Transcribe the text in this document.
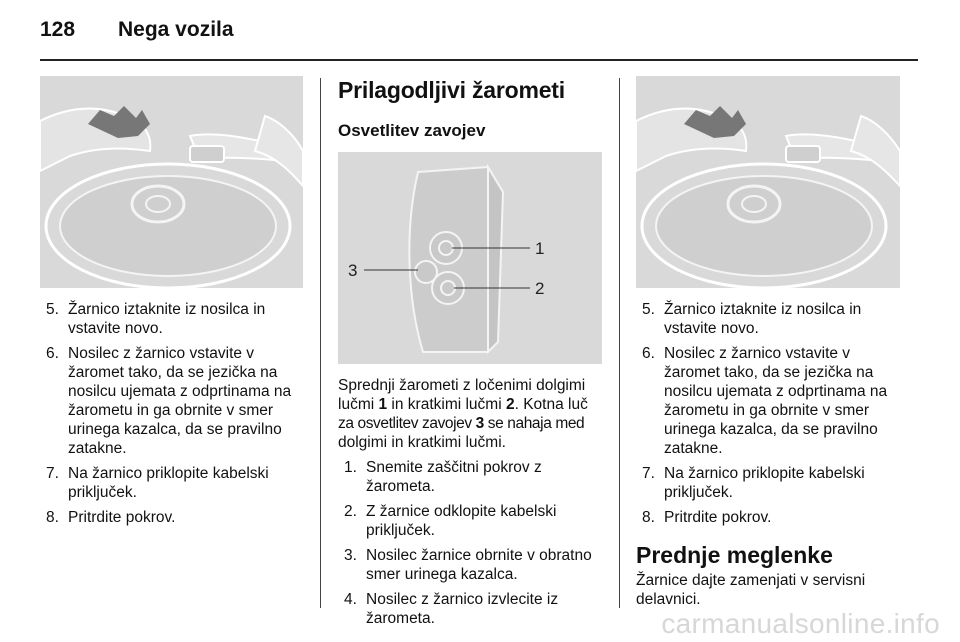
128	Nega vozila
5. Žarnico iztaknite iz nosilca in vstavite novo.
6. Nosilec z žarnico vstavite v žaromet tako, da se jezička na nosilcu ujemata z odprtinama na žarometu in ga obrnite v smer urinega kazalca, da se pravilno zatakne.
7. Na žarnico priklopite kabelski priključek.
8. Pritrdite pokrov.
Prilagodljivi žarometi
Osvetlitev zavojev
1
2
3
Sprednji žarometi z ločenimi dolgimi lučmi 1 in kratkimi lučmi 2. Kotna luč
za osvetlitev zavojev 3 se nahaja med
dolgimi in kratkimi lučmi.
1. Snemite zaščitni pokrov z žarometa.
2. Z žarnice odklopite kabelski priključek.
3. Nosilec žarnice obrnite v obratno smer urinega kazalca.
4. Nosilec z žarnico izvlecite iz žarometa.
5. Žarnico iztaknite iz nosilca in vstavite novo.
6. Nosilec z žarnico vstavite v žaromet tako, da se jezička na nosilcu ujemata z odprtinama na žarometu in ga obrnite v smer urinega kazalca, da se pravilno zatakne.
7. Na žarnico priklopite kabelski priključek.
8. Pritrdite pokrov.
Prednje meglenke
Žarnice dajte zamenjati v servisni delavnici.
carmanualsonline.info
